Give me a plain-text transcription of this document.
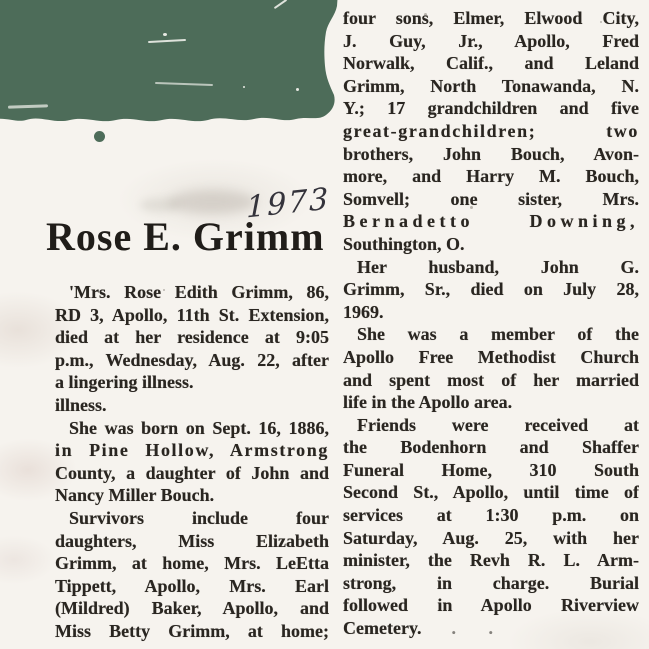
1973
Rose E. Grimm
'Mrs. Rose Edith Grimm, 86,
RD 3, Apollo, 11th St. Extension,
died at her residence at 9:05
p.m., Wednesday, Aug. 22, after
a lingering illness.
illness.
She was born on Sept. 16, 1886,
in Pine Hollow, Armstrong
County, a daughter of John and
Nancy Miller Bouch.
Survivors include four
daughters, Miss Elizabeth
Grimm, at home, Mrs. LeEtta
Tippett, Apollo, Mrs. Earl
(Mildred) Baker, Apollo, and
Miss Betty Grimm, at home;
four sons, Elmer, Elwood City,
J. Guy, Jr., Apollo, Fred
Norwalk, Calif., and Leland
Grimm, North Tonawanda, N.
Y.; 17 grandchildren and five
great-grandchildren; two
brothers, John Bouch, Avon-
more, and Harry M. Bouch,
Somvell; one sister, Mrs.
Bernadetto Downing,
Southington, O.
Her husband, John G.
Grimm, Sr., died on July 28,
1969.
She was a member of the
Apollo Free Methodist Church
and spent most of her married
life in the Apollo area.
Friends were received at
the Bodenhorn and Shaffer
Funeral Home, 310 South
Second St., Apollo, until time of
services at 1:30 p.m. on
Saturday, Aug. 25, with her
minister, the Revh R. L. Arm-
strong, in charge. Burial
followed in Apollo Riverview
Cemetery. . .
